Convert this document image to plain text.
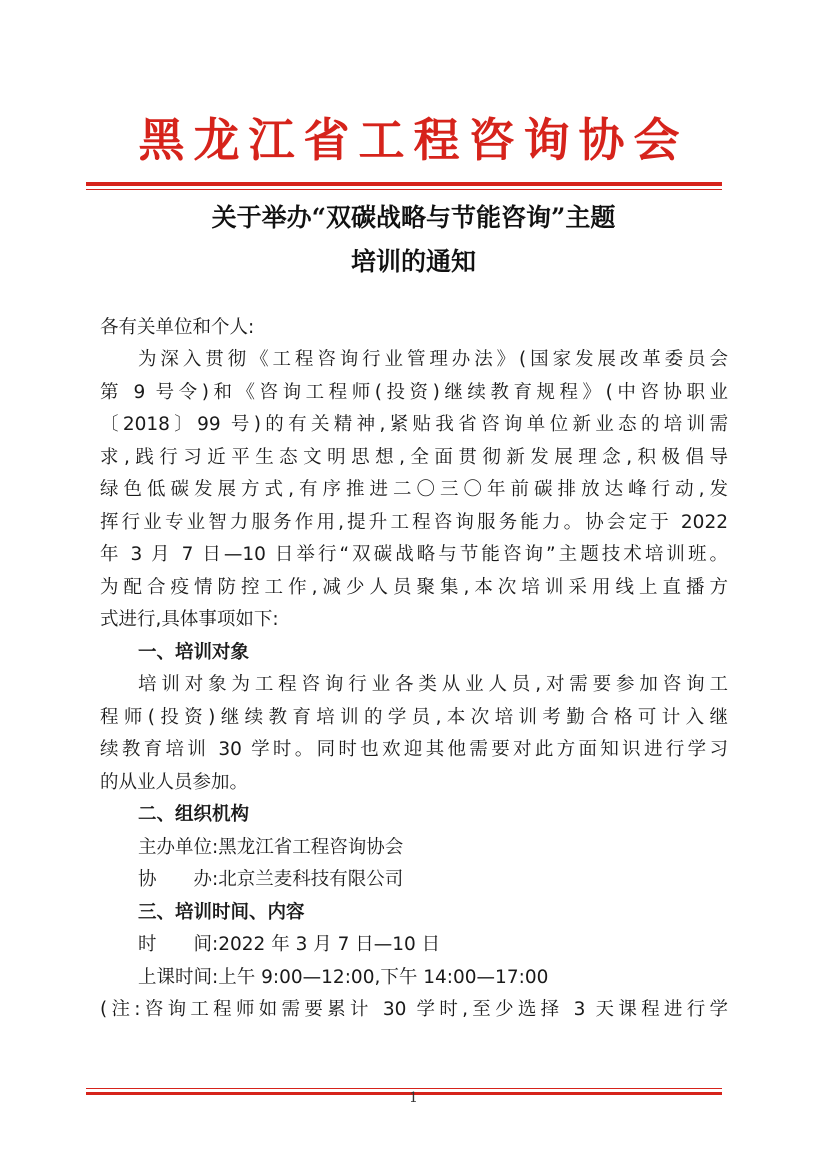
黑龙江省工程咨询协会
关于举办“双碳战略与节能咨询”主题
培训的通知
各有关单位和个人:
为深入贯彻《工程咨询行业管理办法》(国家发展改革委员会
第 9 号令)和《咨询工程师(投资)继续教育规程》(中咨协职业
〔2018〕99 号)的有关精神,紧贴我省咨询单位新业态的培训需
求,践行习近平生态文明思想,全面贯彻新发展理念,积极倡导
绿色低碳发展方式,有序推进二〇三〇年前碳排放达峰行动,发
挥行业专业智力服务作用,提升工程咨询服务能力。协会定于 2022
年 3 月 7 日—10 日举行“双碳战略与节能咨询”主题技术培训班。
为配合疫情防控工作,减少人员聚集,本次培训采用线上直播方
式进行,具体事项如下:
一、培训对象
培训对象为工程咨询行业各类从业人员,对需要参加咨询工
程师(投资)继续教育培训的学员,本次培训考勤合格可计入继
续教育培训 30 学时。同时也欢迎其他需要对此方面知识进行学习
的从业人员参加。
二、组织机构
主办单位:黑龙江省工程咨询协会
协　　办:北京兰麦科技有限公司
三、培训时间、内容
时　　间:2022 年 3 月 7 日—10 日
上课时间:上午 9:00—12:00,下午 14:00—17:00
(注:咨询工程师如需要累计 30 学时,至少选择 3 天课程进行学
1
